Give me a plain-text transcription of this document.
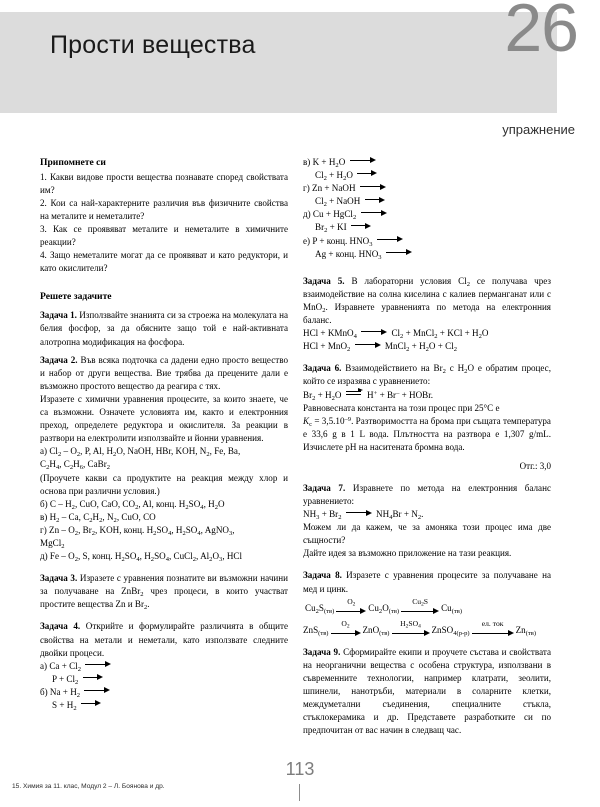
Прости вещества	26
упражнение
Припомнете си

1. Какви видове прости вещества познавате според свойствата им?

2. Кои са най-характерните различия във физичните свойства на металите и неметалите?

3. Как се проявяват металите и неметалите в химичните реакции?

4. Защо неметалите могат да се проявяват и като редуктори, и като окислители?

Решете задачите

Задача 1. Използвайте знанията си за строежа на молекулата на белия фосфор, за да обясните защо той е най-активната алотропна модификация на фосфора.

Задача 2. Във всяка подточка са дадени едно просто вещество и набор от други вещества. Вие трябва да прецените дали е възможно простото вещество да реагира с тях.

Изразете с химични уравнения процесите, за които знаете, че са възможни. Означете условията им, както и електронния преход, определете редуктора и окислителя. За реакции в разтвори на електролити използвайте и йонни уравнения.

а) $Cl_2 - O_2$, P, Al, $H_2O$, NaOH, HBr, KOH, $N_2$, Fe, Ba,

$C_2H_4$, $C_2H_6$, CaBr$_2$

(Проучете какви са продуктите на реакция между хлор и основа при различни условия.)

б) C – $H_2$, CuO, CaO, $CO_2$, Al, конц. $H_2SO_4$, $H_2O$

в) $H_2$ – Ca, $C_2H_2$, $N_2$, CuO, CO

г) Zn – $O_2$, $Br_2$, KOH, конц. $H_2SO_4$, $H_2SO_4$, AgNO$_3$,

MgCl$_2$

д) Fe – $O_2$, S, конц. $H_2SO_4$, $H_2SO_4$, CuCl$_2$, $Al_2O_3$, HCl

Задача 3. Изразете с уравнения познатите ви възможни начини за получаване на ZnBr$_2$ чрез процеси, в които участват простите вещества Zn и $Br_2$.

Задача 4. Открийте и формулирайте различията в общите свойства на метали и неметали, като използвате следните двойки процеси.

а) $Ca + Cl_2$

$P + Cl_2$

б) $Na + H_2$

$S + H_2$

в) $K + H_2O$

$Cl_2 + H_2O$

г) Zn + NaOH

$Cl_2$ + NaOH

д) Cu + HgCl$_2$

$Br_2$ + KI

е) P + конц. $HNO_3$

Ag + конц. $HNO_3$

Задача 5. В лабораторни условия $Cl_2$ се получава чрез взаимодействие на солна киселина с калиев перманганат или с MnO$_2$. Изравнете уравненията по метода на електронния баланс.

HCl + KMnO$_4$	$Cl_2$ + MnCl$_2$ + KCl + $H_2O$

HCl + MnO$_2$	MnCl$_2$ + $H_2O + Cl_2$

Задача 6. Взаимодействието на $Br_2$ с $H_2O$ е обратим процес, който се изразява с уравнението:

$Br_2 + H_2O$  H+ + Br– + HOBr.

Равновесната константа на този процес при 25°C е

$K_c = 3,5.10^{-9}$. Разтворимостта на брома при същата температура е 33,6 g в 1 L вода. Плътността на разтвора е 1,307 g/mL. Изчислете pH на наситената бромна вода.

Отг.: 3,0

Задача 7. Изравнете по метода на електронния баланс уравнението:

$NH_3 + Br_2$	$NH_4Br + N_2$.

Можем ли да кажем, че за амоняка този процес има две същности?

Дайте идея за възможно приложение на тази реакция.

Задача 8. Изразете с уравнения процесите за получаване на мед и цинк.

$Cu_2S_{(тв)}$
$O_2$ $Cu_2O_{(тв)}$
$Cu_2S$
$Cu_{(тв)}$
ZnS$_{(тв)}$
$O_2$ ZnO$_{(тв)}$
$H_2SO_4$ ZnSO$_{4(р-р)}$
ел. ток
$Zn_{(тв)}$

Задача 9. Сформирайте екипи и проучете състава и свойствата на неорганични вещества с особена структура, използвани в съвременните технологии, например клатрати, зеолити, шпинели, нанотръби, материали в соларните клетки, междуметални съединения, специалните стъкла, стъклокерамика и др. Представете разработките си по предпочитан от вас начин в следващ час.

113
15. Химия за 11. клас, Модул 2 – Л. Боянова и др.
